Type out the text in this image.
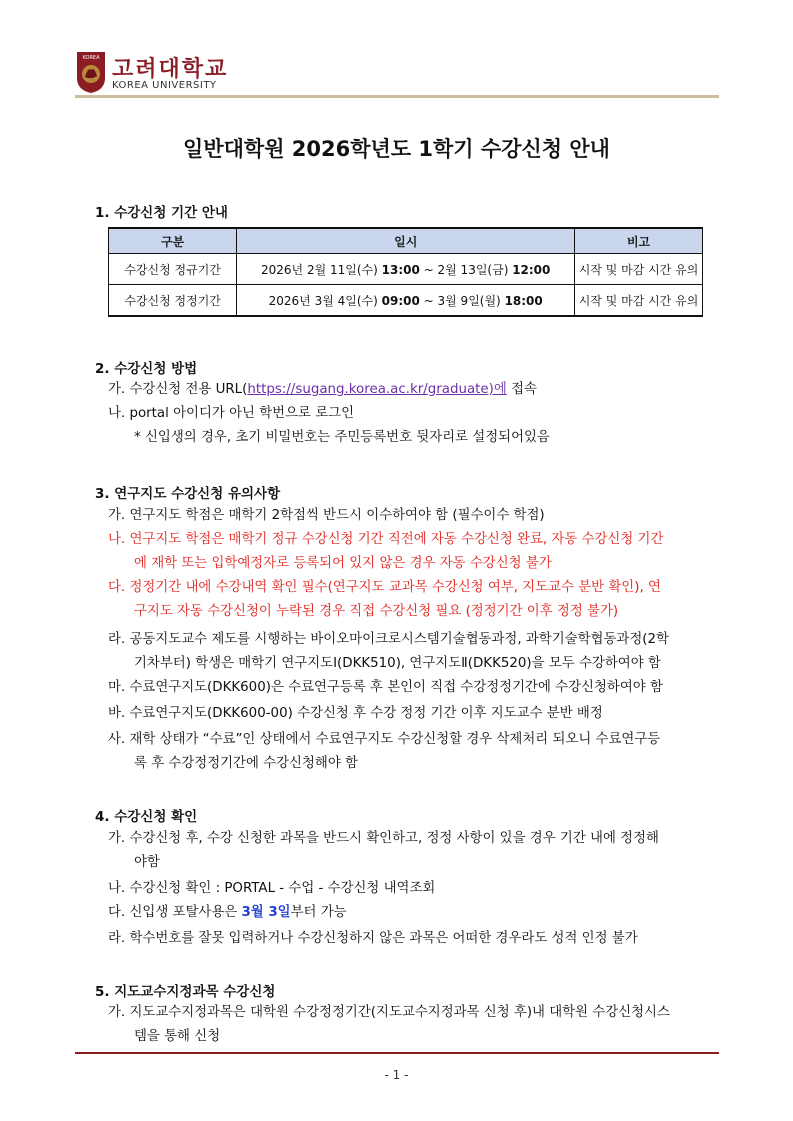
KOREA 고려대학교
KOREA UNIVERSITY
일반대학원 2026학년도 1학기 수강신청 안내
1. 수강신청 기간 안내
구분	일시	비고
수강신청 정규기간	2026년 2월 11일(수) 13:00 ~ 2월 13일(금) 12:00	시작 및 마감 시간 유의
수강신청 정정기간	2026년 3월 4일(수) 09:00 ~ 3월 9일(월) 18:00	시작 및 마감 시간 유의
2. 수강신청 방법
가. 수강신청 전용 URL(https://sugang.korea.ac.kr/graduate)에 접속
나. portal 아이디가 아닌 학번으로 로그인
* 신입생의 경우, 초기 비밀번호는 주민등록번호 뒷자리로 설정되어있음
3. 연구지도 수강신청 유의사항
가. 연구지도 학점은 매학기 2학점씩 반드시 이수하여야 함 (필수이수 학점)
나. 연구지도 학점은 매학기 정규 수강신청 기간 직전에 자동 수강신청 완료, 자동 수강신청 기간
에 재학 또는 입학예정자로 등록되어 있지 않은 경우 자동 수강신청 불가
다. 정정기간 내에 수강내역 확인 필수(연구지도 교과목 수강신청 여부, 지도교수 분반 확인), 연
구지도 자동 수강신청이 누락된 경우 직접 수강신청 필요 (정정기간 이후 정정 불가)
라. 공동지도교수 제도를 시행하는 바이오마이크로시스템기술협동과정, 과학기술학협동과정(2학
기차부터) 학생은 매학기 연구지도Ⅰ(DKK510), 연구지도Ⅱ(DKK520)을 모두 수강하여야 함
마. 수료연구지도(DKK600)은 수료연구등록 후 본인이 직접 수강정정기간에 수강신청하여야 함
바. 수료연구지도(DKK600-00) 수강신청 후 수강 정정 기간 이후 지도교수 분반 배정
사. 재학 상태가 “수료”인 상태에서 수료연구지도 수강신청할 경우 삭제처리 되오니 수료연구등
록 후 수강정정기간에 수강신청해야 함
4. 수강신청 확인
가. 수강신청 후, 수강 신청한 과목을 반드시 확인하고, 정정 사항이 있을 경우 기간 내에 정정해
야함
나. 수강신청 확인 : PORTAL - 수업 - 수강신청 내역조회
다. 신입생 포탈사용은 3월 3일부터 가능
라. 학수번호를 잘못 입력하거나 수강신청하지 않은 과목은 어떠한 경우라도 성적 인정 불가
5. 지도교수지정과목 수강신청
가. 지도교수지정과목은 대학원 수강정정기간(지도교수지정과목 신청 후)내 대학원 수강신청시스
템을 통해 신청
- 1 -
